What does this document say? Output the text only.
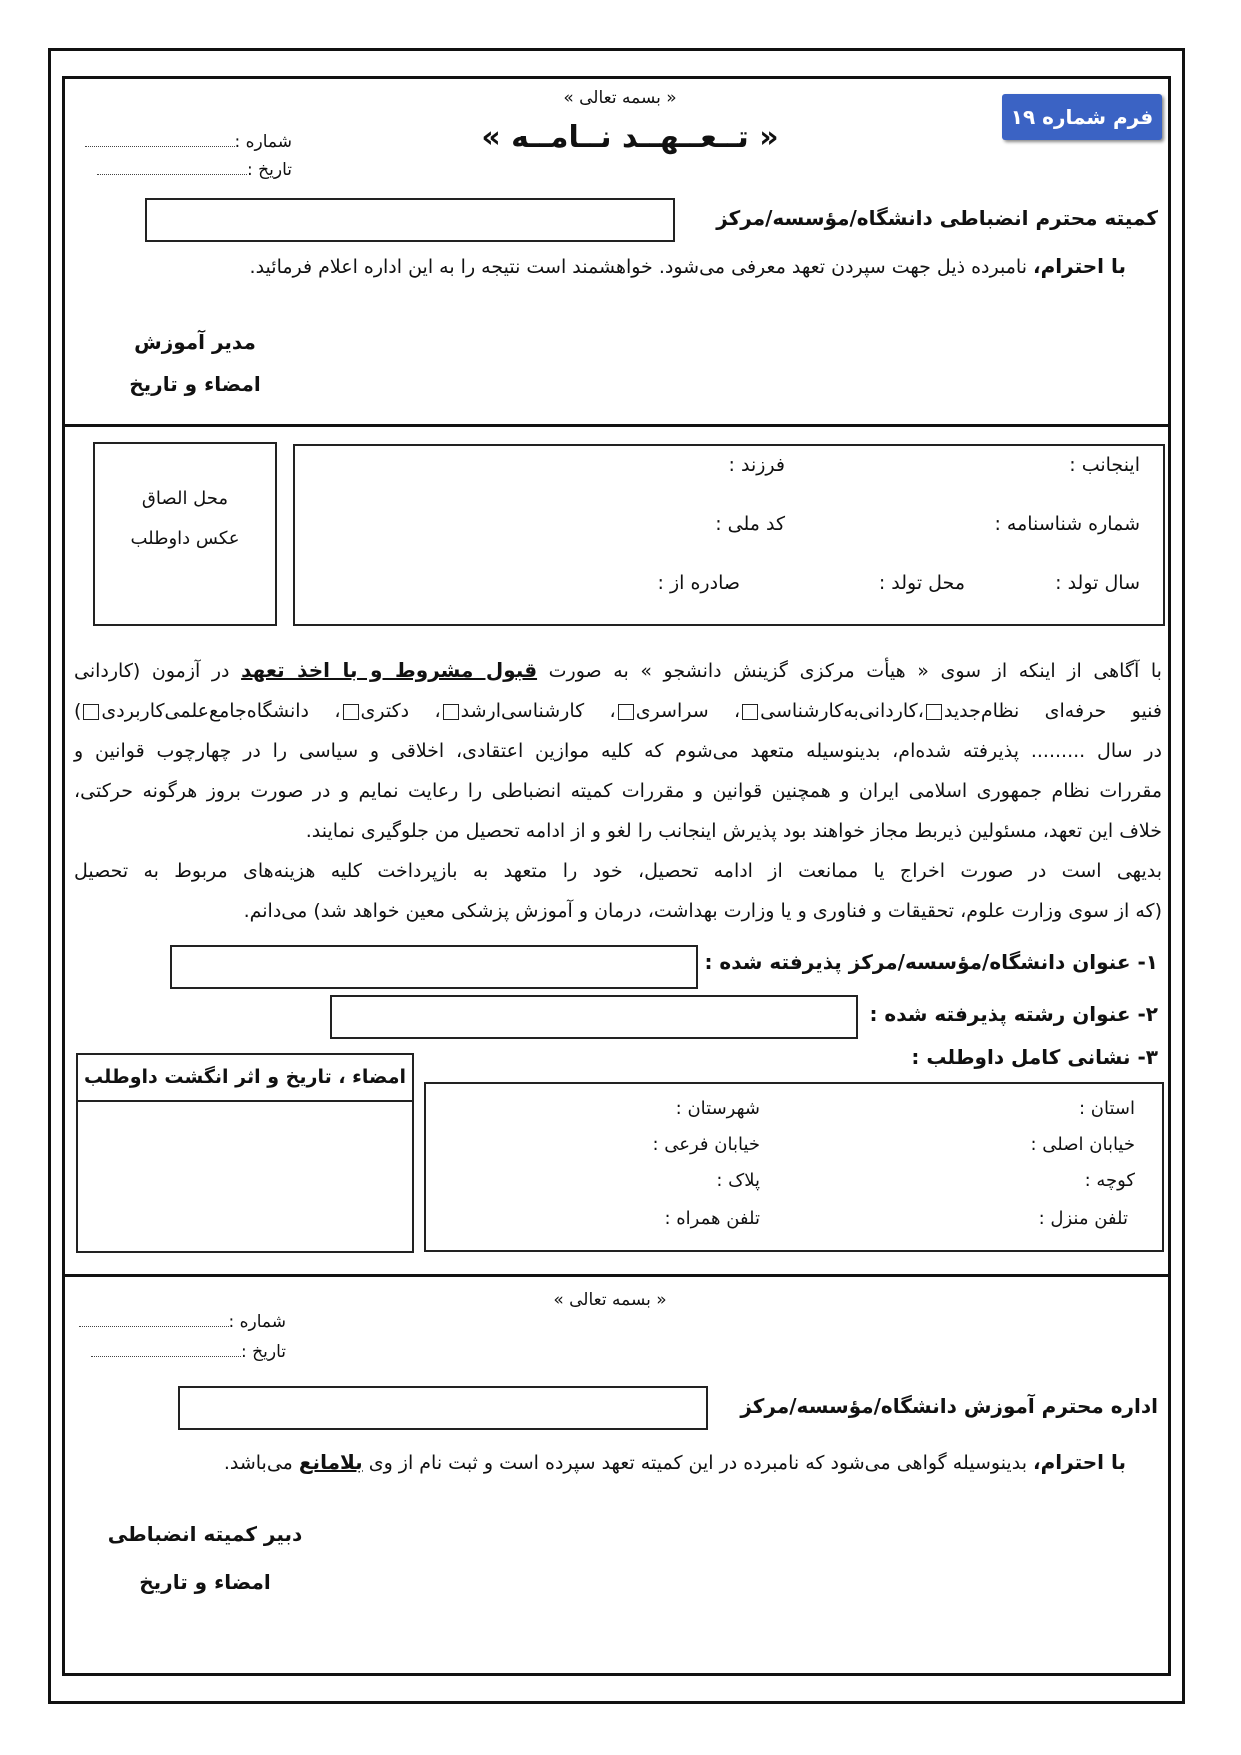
فرم شماره ۱۹
« بسمه تعالی »
« تــعــهــد نــامــه »
شماره :
تاریخ :
کمیته محترم انضباطی دانشگاه/مؤسسه/مرکز
با احترام، نامبرده ذیل جهت سپردن تعهد معرفی می‌شود. خواهشمند است نتیجه را به این اداره اعلام فرمائید.
مدیر آموزش
امضاء و تاریخ
محل الصاق
عکس داوطلب
اینجانب :
فرزند :
شماره شناسنامه :
کد ملی :
سال تولد :
محل تولد :
صادره از :
با آگاهی از اینکه از سوی « هیأت مرکزی گزینش دانشجو » به صورت قبول مشروط و با اخذ تعهد در آزمون (کاردانی
فنیو حرفه‌ای نظام‌جدید،کاردانی‌به‌کارشناسی، سراسری، کارشناسی‌ارشد، دکتری، دانشگاه‌جامع‌علمی‌کاربردی)
در سال ......... پذیرفته شده‌ام، بدینوسیله متعهد می‌شوم که کلیه موازین اعتقادی، اخلاقی و سیاسی را در چهارچوب قوانین و
مقررات نظام جمهوری اسلامی ایران و همچنین قوانین و مقررات کمیته انضباطی را رعایت نمایم و در صورت بروز هرگونه حرکتی،
خلاف این تعهد، مسئولین ذیربط مجاز خواهند بود پذیرش اینجانب را لغو و از ادامه تحصیل من جلوگیری نمایند.
بدیهی است در صورت اخراج یا ممانعت از ادامه تحصیل، خود را متعهد به بازپرداخت کلیه هزینه‌های مربوط به تحصیل
(که از سوی وزارت علوم، تحقیقات و فناوری و یا وزارت بهداشت، درمان و آموزش پزشکی معین خواهد شد) می‌دانم.
۱- عنوان دانشگاه/مؤسسه/مرکز پذیرفته شده :
۲- عنوان رشته پذیرفته شده :
۳- نشانی کامل داوطلب :
امضاء ، تاریخ و اثر انگشت داوطلب
استان :
شهرستان :
خیابان اصلی :
خیابان فرعی :
کوچه :
پلاک :
تلفن منزل :
تلفن همراه :
« بسمه تعالی »
شماره :
تاریخ :
اداره محترم آموزش دانشگاه/مؤسسه/مرکز
با احترام، بدینوسیله گواهی می‌شود که نامبرده در این کمیته تعهد سپرده است و ثبت نام از وی بلامانع می‌باشد.
دبیر کمیته انضباطی
امضاء و تاریخ
